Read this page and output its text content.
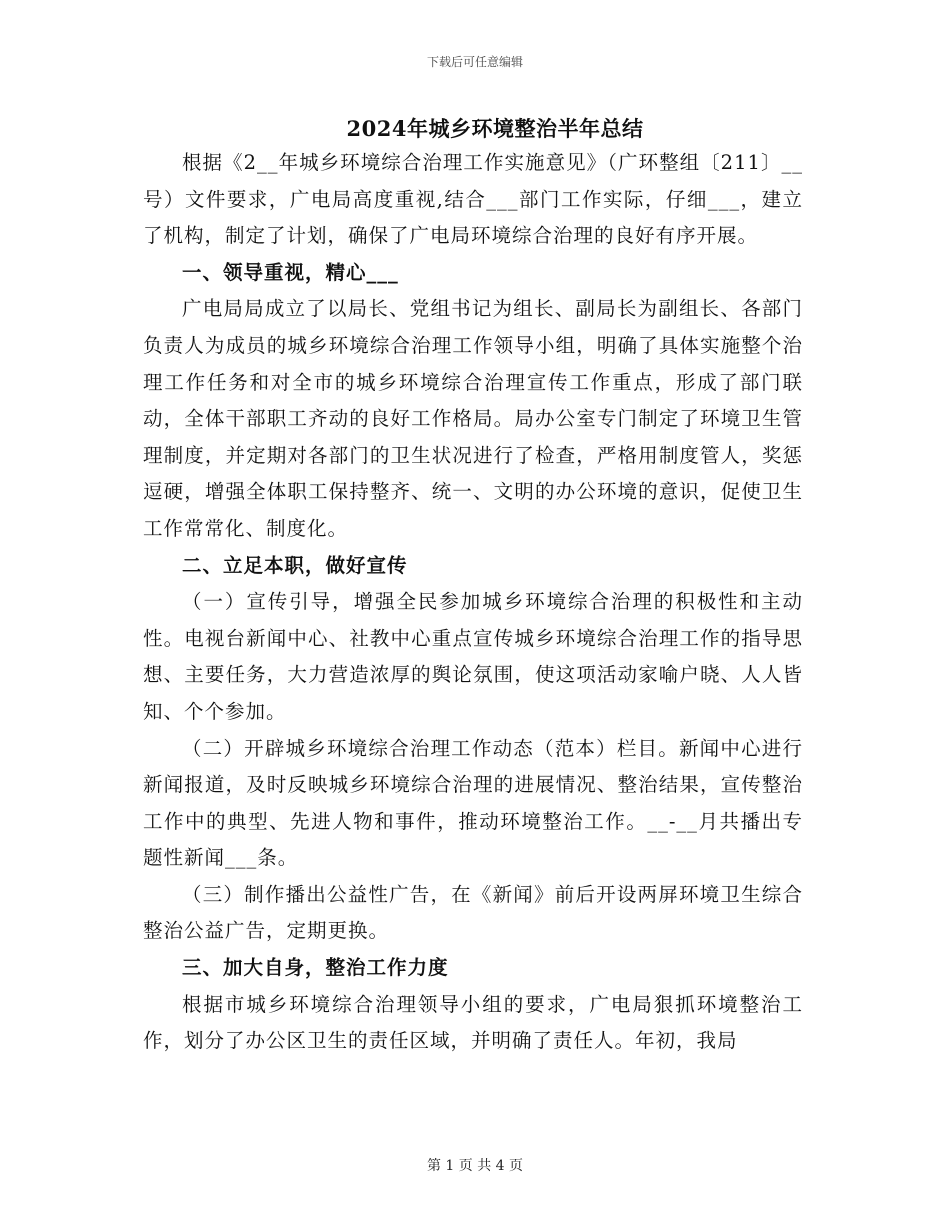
下载后可任意编辑
2024年城乡环境整治半年总结

根据《2__年城乡环境综合治理工作实施意见》（广环整组〔211〕__号）文件要求，广电局高度重视,结合___部门工作实际，仔细___，建立了机构，制定了计划，确保了广电局环境综合治理的良好有序开展。

一、领导重视，精心___

广电局局成立了以局长、党组书记为组长、副局长为副组长、各部门负责人为成员的城乡环境综合治理工作领导小组，明确了具体实施整个治理工作任务和对全市的城乡环境综合治理宣传工作重点，形成了部门联动，全体干部职工齐动的良好工作格局。局办公室专门制定了环境卫生管理制度，并定期对各部门的卫生状况进行了检查，严格用制度管人，奖惩逗硬，增强全体职工保持整齐、统一、文明的办公环境的意识，促使卫生工作常常化、制度化。

二、立足本职，做好宣传

（一）宣传引导，增强全民参加城乡环境综合治理的积极性和主动性。电视台新闻中心、社教中心重点宣传城乡环境综合治理工作的指导思想、主要任务，大力营造浓厚的舆论氛围，使这项活动家喻户晓、人人皆知、个个参加。

（二）开辟城乡环境综合治理工作动态（范本）栏目。新闻中心进行新闻报道，及时反映城乡环境综合治理的进展情况、整治结果，宣传整治工作中的典型、先进人物和事件，推动环境整治工作。__-__月共播出专题性新闻___条。

（三）制作播出公益性广告，在《新闻》前后开设两屏环境卫生综合整治公益广告，定期更换。

三、加大自身，整治工作力度

根据市城乡环境综合治理领导小组的要求，广电局狠抓环境整治工作，划分了办公区卫生的责任区域，并明确了责任人。年初，我局

第 1 页 共 4 页
